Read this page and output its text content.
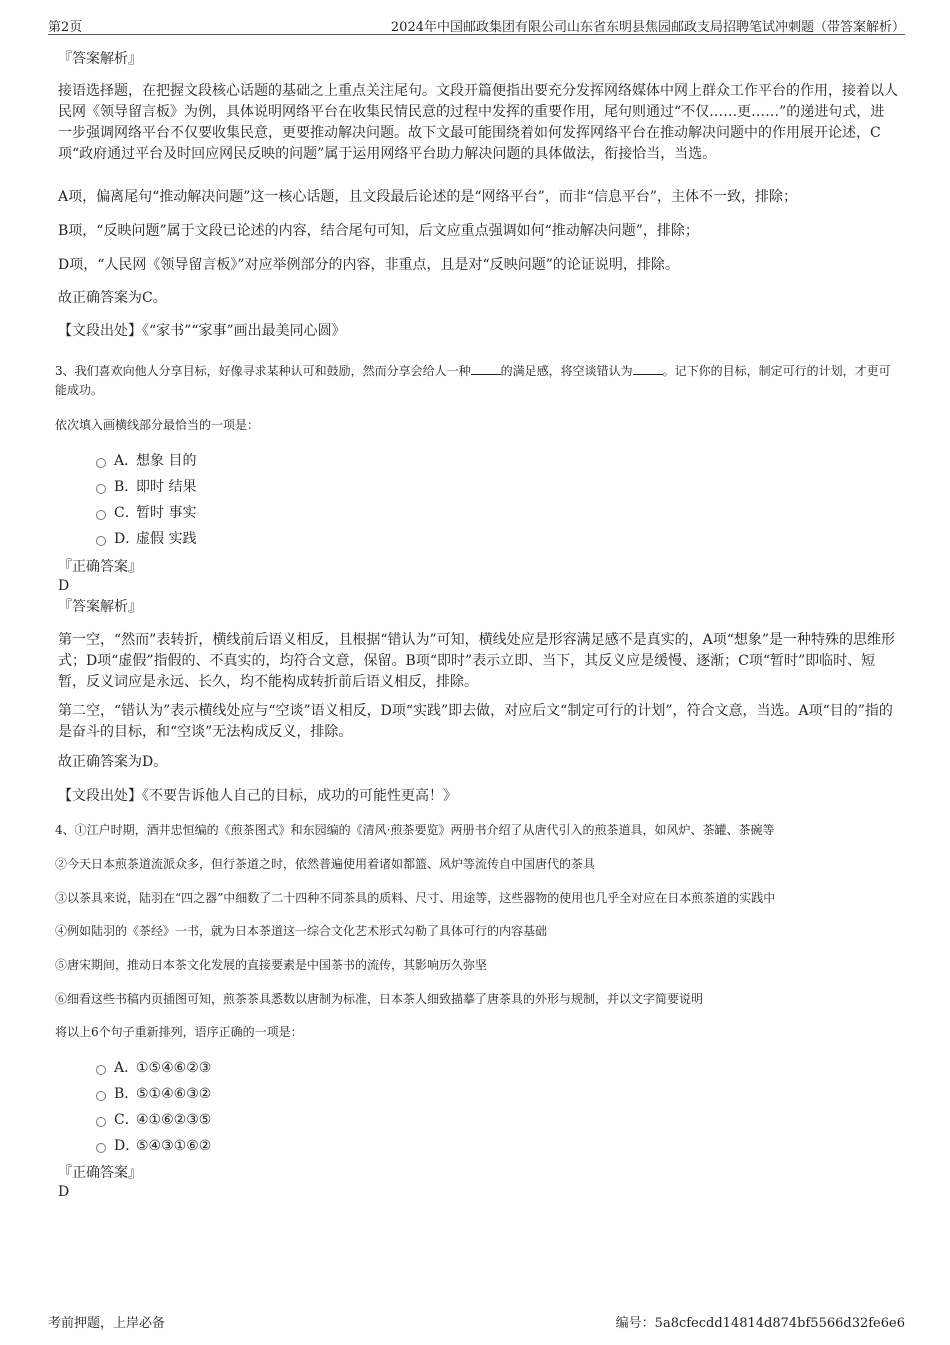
第2页	2024年中国邮政集团有限公司山东省东明县焦园邮政支局招聘笔试冲刺题（带答案解析）
『答案解析』
接语选择题，在把握文段核心话题的基础之上重点关注尾句。文段开篇便指出要充分发挥网络媒体中网上群众工作平台的作用，接着以人民网《领导留言板》为例，具体说明网络平台在收集民情民意的过程中发挥的重要作用，尾句则通过“不仅……更……”的递进句式，进一步强调网络平台不仅要收集民意，更要推动解决问题。故下文最可能围绕着如何发挥网络平台在推动解决问题中的作用展开论述，C项“政府通过平台及时回应网民反映的问题”属于运用网络平台助力解决问题的具体做法，衔接恰当，当选。
A项，偏离尾句“推动解决问题”这一核心话题，且文段最后论述的是“网络平台”，而非“信息平台”，主体不一致，排除；
B项，“反映问题”属于文段已论述的内容，结合尾句可知，后文应重点强调如何“推动解决问题”，排除；
D项，“人民网《领导留言板》”对应举例部分的内容，非重点，且是对“反映问题”的论证说明，排除。
故正确答案为C。
【文段出处】《“家书”“家事”画出最美同心圆》
3、我们喜欢向他人分享目标，好像寻求某种认可和鼓励，然而分享会给人一种	的满足感，将空谈错认为	。记下你的目标，制定可行的计划，才更可能成功。
依次填入画横线部分最恰当的一项是：
A．想象 目的
B．即时 结果
C．暂时 事实
D．虚假 实践
『正确答案』
D
『答案解析』
第一空，“然而”表转折，横线前后语义相反，且根据“错认为”可知，横线处应是形容满足感不是真实的，A项“想象”是一种特殊的思维形式；D项“虚假”指假的、不真实的，均符合文意，保留。B项“即时”表示立即、当下，其反义应是缓慢、逐渐；C项“暂时”即临时、短暂，反义词应是永远、长久，均不能构成转折前后语义相反，排除。
第二空，“错认为”表示横线处应与“空谈”语义相反，D项“实践”即去做，对应后文“制定可行的计划”，符合文意，当选。A项“目的”指的是奋斗的目标，和“空谈”无法构成反义，排除。
故正确答案为D。
【文段出处】《不要告诉他人自己的目标，成功的可能性更高！》
4、①江户时期，酒井忠恒编的《煎茶图式》和东园编的《清风·煎茶要览》两册书介绍了从唐代引入的煎茶道具，如风炉、茶罐、茶碗等
②今天日本煎茶道流派众多，但行茶道之时，依然普遍使用着诸如都篮、风炉等流传自中国唐代的茶具
③以茶具来说，陆羽在“四之器”中细数了二十四种不同茶具的质料、尺寸、用途等，这些器物的使用也几乎全对应在日本煎茶道的实践中
④例如陆羽的《茶经》一书，就为日本茶道这一综合文化艺术形式勾勒了具体可行的内容基础
⑤唐宋期间，推动日本茶文化发展的直接要素是中国茶书的流传，其影响历久弥坚
⑥细看这些书稿内页插图可知，煎茶茶具悉数以唐制为标准，日本茶人细致描摹了唐茶具的外形与规制，并以文字简要说明
将以上6个句子重新排列，语序正确的一项是：
A．①⑤④⑥②③
B．⑤①④⑥③②
C．④①⑥②③⑤
D．⑤④③①⑥②
『正确答案』
D
考前押题，上岸必备	编号：5a8cfecdd14814d874bf5566d32fe6e6
